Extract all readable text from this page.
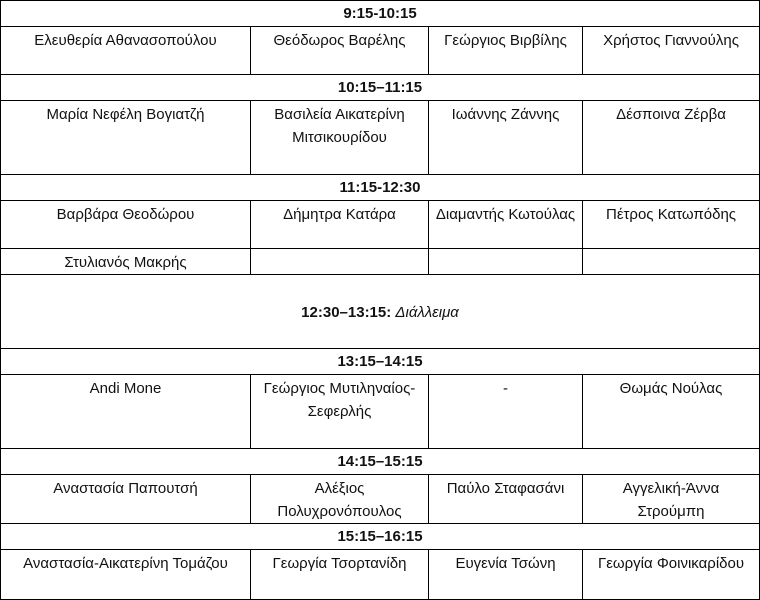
9:15-10:15			
Ελευθερία Αθανασοπούλου	Θεόδωρος Βαρέλης	Γεώργιος Βιρβίλης	Χρήστος Γιαννούλης
10:15–11:15			
Μαρία Νεφέλη Βογιατζή	Βασιλεία Αικατερίνη Μιτσικουρίδου	Ιωάννης Ζάννης	Δέσποινα Ζέρβα
11:15-12:30			
Βαρβάρα Θεοδώρου	Δήμητρα Κατάρα	Διαμαντής Κωτούλας	Πέτρος Κατωπόδης
Στυλιανός Μακρής			
12:30–13:15: Διάλλειμα			
13:15–14:15			
Andi Mone	Γεώργιος Μυτιληναίος-Σεφερλής	-	Θωμάς Νούλας
14:15–15:15			
Αναστασία Παπουτσή	Αλέξιος Πολυχρονόπουλος	Παύλο Σταφασάνι	Αγγελική-Άννα Στρούμπη
15:15–16:15			
Αναστασία-Αικατερίνη Τομάζου	Γεωργία Τσορτανίδη	Ευγενία Τσώνη	Γεωργία Φοινικαρίδου
